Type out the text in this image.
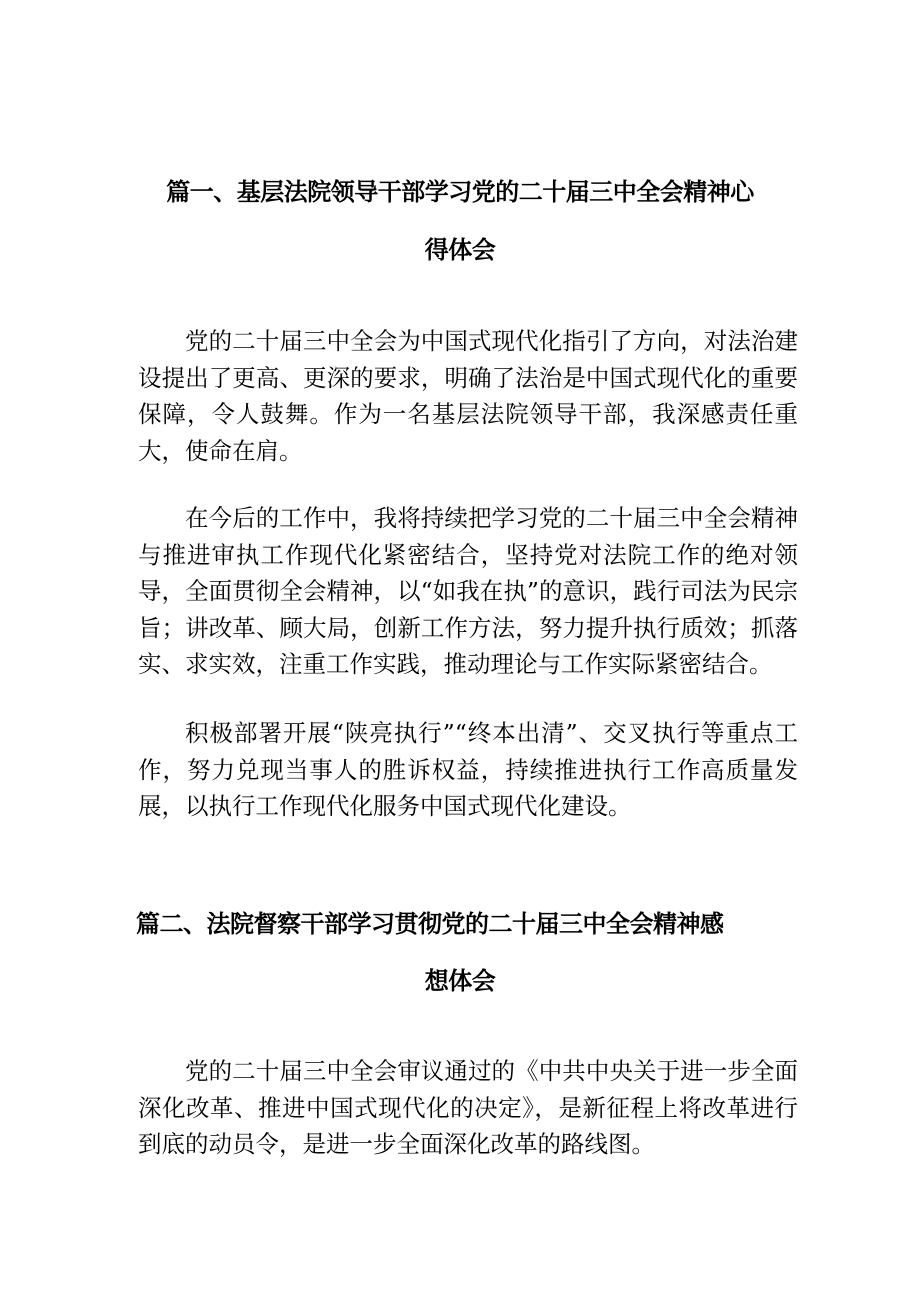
篇一、基层法院领导干部学习党的二十届三中全会精神心
得体会

党的二十届三中全会为中国式现代化指引了方向，对法治建设提出了更高、更深的要求，明确了法治是中国式现代化的重要保障，令人鼓舞。作为一名基层法院领导干部，我深感责任重大，使命在肩。

在今后的工作中，我将持续把学习党的二十届三中全会精神与推进审执工作现代化紧密结合，坚持党对法院工作的绝对领导，全面贯彻全会精神，以“如我在执”的意识，践行司法为民宗旨；讲改革、顾大局，创新工作方法，努力提升执行质效；抓落实、求实效，注重工作实践，推动理论与工作实际紧密结合。

积极部署开展“陕亮执行”“终本出清”、交叉执行等重点工作，努力兑现当事人的胜诉权益，持续推进执行工作高质量发展，以执行工作现代化服务中国式现代化建设。

篇二、法院督察干部学习贯彻党的二十届三中全会精神感
想体会

党的二十届三中全会审议通过的《中共中央关于进一步全面深化改革、推进中国式现代化的决定》，是新征程上将改革进行到底的动员令，是进一步全面深化改革的路线图。
